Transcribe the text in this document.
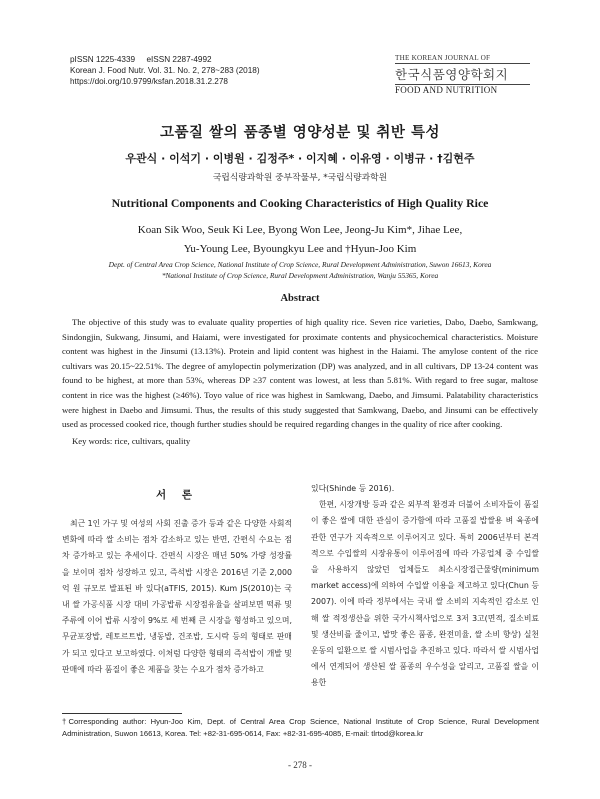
pISSN 1225-4339     eISSN 2287-4992
Korean J. Food Nutr. Vol. 31. No. 2, 278~283 (2018)
https://doi.org/10.9799/ksfan.2018.31.2.278
THE KOREAN JOURNAL OF
한국식품영양학회지
FOOD AND NUTRITION
고품질 쌀의 품종별 영양성분 및 취반 특성
우관식 · 이석기 · 이병원 · 김정주* · 이지혜 · 이유영 · 이병규 · †김현주
국립식량과학원 중부작물부, *국립식량과학원
Nutritional Components and Cooking Characteristics of High Quality Rice
Koan Sik Woo, Seuk Ki Lee, Byong Won Lee, Jeong-Ju Kim*, Jihae Lee,
Yu-Young Lee, Byoungkyu Lee and †Hyun-Joo Kim
Dept. of Central Area Crop Science, National Institute of Crop Science, Rural Development Administration, Suwon 16613, Korea
*National Institute of Crop Science, Rural Development Administration, Wanju 55365, Korea
Abstract

The objective of this study was to evaluate quality properties of high quality rice. Seven rice varieties, Dabo, Daebo, Samkwang, Sindongjin, Sukwang, Jinsumi, and Haiami, were investigated for proximate contents and physicochemical characteristics. Moisture content was highest in the Jinsumi (13.13%). Protein and lipid content was highest in the Haiami. The amylose content of the rice cultivars was 20.15~22.51%. The degree of amylopectin polymerization (DP) was analyzed, and in all cultivars, DP 13-24 content was found to be highest, at more than 53%, whereas DP ≥37 content was lowest, at less than 5.81%. With regard to free sugar, maltose content in rice was the highest (≥46%). Toyo value of rice was highest in Samkwang, Daebo, and Jimsumi. Palatability characteristics were highest in Daebo and Jimsumi. Thus, the results of this study suggested that Samkwang, Daebo, and Jinsumi can be effectively used as processed cooked rice, though further studies should be required regarding changes in the quality of rice after cooking.

Key words: rice, cultivars, quality
서 론

최근 1인 가구 및 여성의 사회 진출 증가 등과 같은 다양한 사회적 변화에 따라 쌀 소비는 점차 감소하고 있는 반면, 간편식 수요는 점차 증가하고 있는 추세이다. 간편식 시장은 매년 50% 가량 성장률을 보이며 점차 성장하고 있고, 즉석밥 시장은 2016년 기준 2,000억 원 규모로 발표된 바 있다(aTFIS, 2015). Kum JS(2010)는 국내 쌀 가공식품 시장 대비 가공밥류 시장점유율을 살펴보면 떡류 및 주류에 이어 밥류 시장이 9%로 세 번째 큰 시장을 형성하고 있으며, 무균포장밥, 레토르트밥, 냉동밥, 건조밥, 도시락 등의 형태로 판매가 되고 있다고 보고하였다. 이처럼 다양한 형태의 즉석밥이 개발 및 판매에 따라 품질이 좋은 제품을 찾는 수요가 점차 증가하고

있다(Shinde 등 2016).

한편, 시장개방 등과 같은 외부적 환경과 더불어 소비자들이 품질이 좋은 쌀에 대한 관심이 증가함에 따라 고품질 밥쌀용 벼 육종에 관한 연구가 지속적으로 이루어지고 있다. 특히 2006년부터 본격적으로 수입쌀의 시장유통이 이루어짐에 따라 가공업체 중 수입쌀을 사용하지 않았던 업체들도 최소시장접근물량(minimum market access)에 의하여 수입쌀 이용을 제고하고 있다(Chun 등 2007). 이에 따라 정부에서는 국내 쌀 소비의 지속적인 감소로 인해 쌀 적정생산을 위한 국가시책사업으로 3저 3고(면적, 질소비료 및 생산비를 줄이고, 밥맛 좋은 품종, 완전미율, 쌀 소비 향상) 실천운동의 일환으로 쌀 시범사업을 추진하고 있다. 따라서 쌀 시범사업에서 연계되어 생산된 쌀 품종의 우수성을 알리고, 고품질 쌀을 이용한

†Corresponding author: Hyun-Joo Kim, Dept. of Central Area Crop Science, National Institute of Crop Science, Rural Development Administration, Suwon 16613, Korea. Tel: +82-31-695-0614, Fax: +82-31-695-4085, E-mail: tlrtod@korea.kr

- 278 -
